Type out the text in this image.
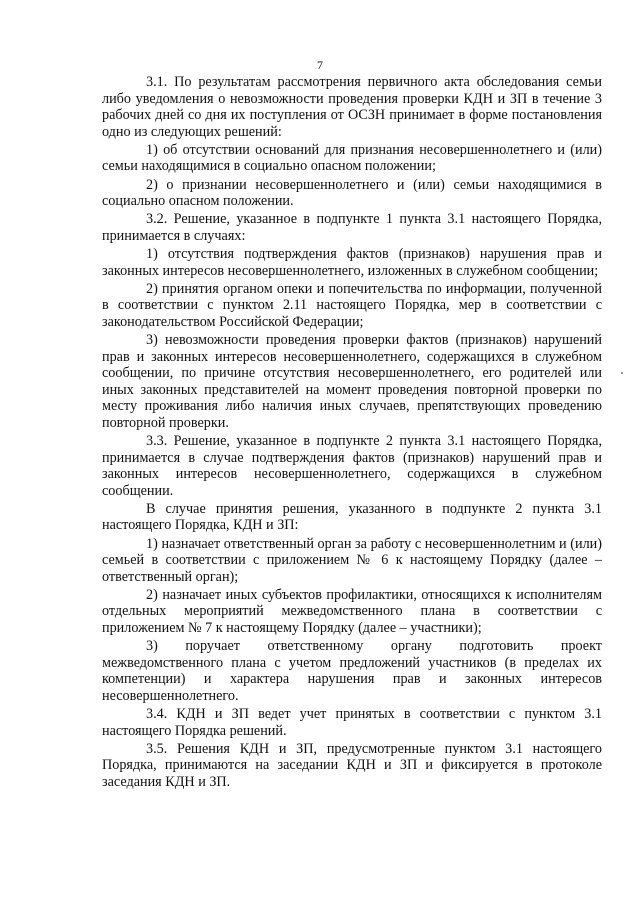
7

3.1. По результатам рассмотрения первичного акта обследования семьи либо уведомления о невозможности проведения проверки КДН и ЗП в течение 3 рабочих дней со дня их поступления от ОСЗН принимает в форме постановления одно из следующих решений:

1) об отсутствии оснований для признания несовершеннолетнего и (или) семьи находящимися в социально опасном положении;

2) о признании несовершеннолетнего и (или) семьи находящимися в социально опасном положении.

3.2. Решение, указанное в подпункте 1 пункта 3.1 настоящего Порядка, принимается в случаях:

1) отсутствия подтверждения фактов (признаков) нарушения прав и законных интересов несовершеннолетнего, изложенных в служебном сообщении;

2) принятия органом опеки и попечительства по информации, полученной в соответствии с пунктом 2.11 настоящего Порядка, мер в соответствии с законодательством Российской Федерации;

3) невозможности проведения проверки фактов (признаков) нарушений прав и законных интересов несовершеннолетнего, содержащихся в служебном сообщении, по причине отсутствия несовершеннолетнего, его родителей или иных законных представителей на момент проведения повторной проверки по месту проживания либо наличия иных случаев, препятствующих проведению повторной проверки.

3.3. Решение, указанное в подпункте 2 пункта 3.1 настоящего Порядка, принимается в случае подтверждения фактов (признаков) нарушений прав и законных интересов несовершеннолетнего, содержащихся в служебном сообщении.

В случае принятия решения, указанного в подпункте 2 пункта 3.1 настоящего Порядка, КДН и ЗП:

1) назначает ответственный орган за работу с несовершеннолетним и (или) семьей в соответствии с приложением № 6 к настоящему Порядку (далее – ответственный орган);

2) назначает иных субъектов профилактики, относящихся к исполнителям отдельных мероприятий межведомственного плана в соответствии с приложением № 7 к настоящему Порядку (далее – участники);

3) поручает ответственному органу подготовить проект межведомственного плана с учетом предложений участников (в пределах их компетенции) и характера нарушения прав и законных интересов несовершеннолетнего.

3.4. КДН и ЗП ведет учет принятых в соответствии с пунктом 3.1 настоящего Порядка решений.

3.5. Решения КДН и ЗП, предусмотренные пунктом 3.1 настоящего Порядка, принимаются на заседании КДН и ЗП и фиксируется в протоколе заседания КДН и ЗП.
